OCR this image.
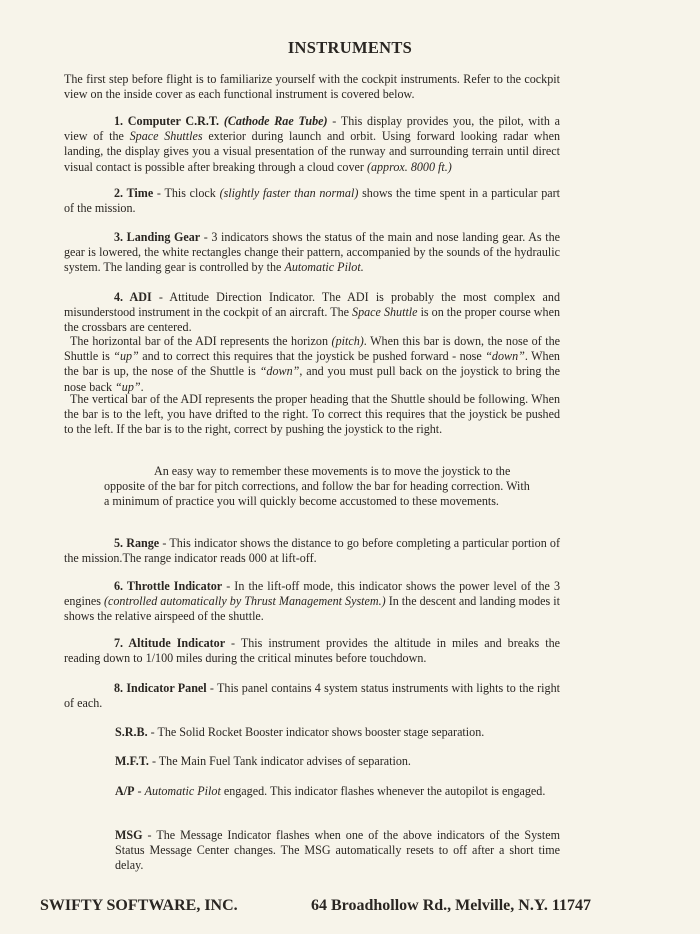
INSTRUMENTS

The first step before flight is to familiarize yourself with the cockpit instruments. Refer to the cockpit view on the inside cover as each functional instrument is covered below.

1. Computer C.R.T. (Cathode Rae Tube) - This display provides you, the pilot, with a view of the Space Shuttles exterior during launch and orbit. Using forward looking radar when landing, the display gives you a visual presentation of the runway and surrounding terrain until direct visual contact is possible after breaking through a cloud cover (approx. 8000 ft.)

2. Time - This clock (slightly faster than normal) shows the time spent in a particular part of the mission.

3. Landing Gear - 3 indicators shows the status of the main and nose landing gear. As the gear is lowered, the white rectangles change their pattern, accompanied by the sounds of the hydraulic system. The landing gear is controlled by the Automatic Pilot.

4. ADI - Attitude Direction Indicator. The ADI is probably the most complex and misunderstood instrument in the cockpit of an aircraft. The Space Shuttle is on the proper course when the crossbars are centered.

The horizontal bar of the ADI represents the horizon (pitch). When this bar is down, the nose of the Shuttle is “up” and to correct this requires that the joystick be pushed forward - nose “down”. When the bar is up, the nose of the Shuttle is “down”, and you must pull back on the joystick to bring the nose back “up”.

The vertical bar of the ADI represents the proper heading that the Shuttle should be following. When the bar is to the left, you have drifted to the right. To correct this requires that the joystick be pushed to the left. If the bar is to the right, correct by pushing the joystick to the right.

An easy way to remember these movements is to move the joystick to the opposite of the bar for pitch corrections, and follow the bar for heading correction. With a minimum of practice you will quickly become accustomed to these movements.

5. Range - This indicator shows the distance to go before completing a particular portion of the mission.The range indicator reads 000 at lift-off.

6. Throttle Indicator - In the lift-off mode, this indicator shows the power level of the 3 engines (controlled automatically by Thrust Management System.) In the descent and landing modes it shows the relative airspeed of the shuttle.

7. Altitude Indicator - This instrument provides the altitude in miles and breaks the reading down to 1/100 miles during the critical minutes before touchdown.

8. Indicator Panel - This panel contains 4 system status instruments with lights to the right of each.

S.R.B. - The Solid Rocket Booster indicator shows booster stage separation.

M.F.T. - The Main Fuel Tank indicator advises of separation.

A/P - Automatic Pilot engaged. This indicator flashes whenever the autopilot is engaged.

MSG - The Message Indicator flashes when one of the above indicators of the System Status Message Center changes. The MSG automatically resets to off after a short time delay.

SWIFTY SOFTWARE, INC.	64 Broadhollow Rd., Melville, N.Y. 11747
